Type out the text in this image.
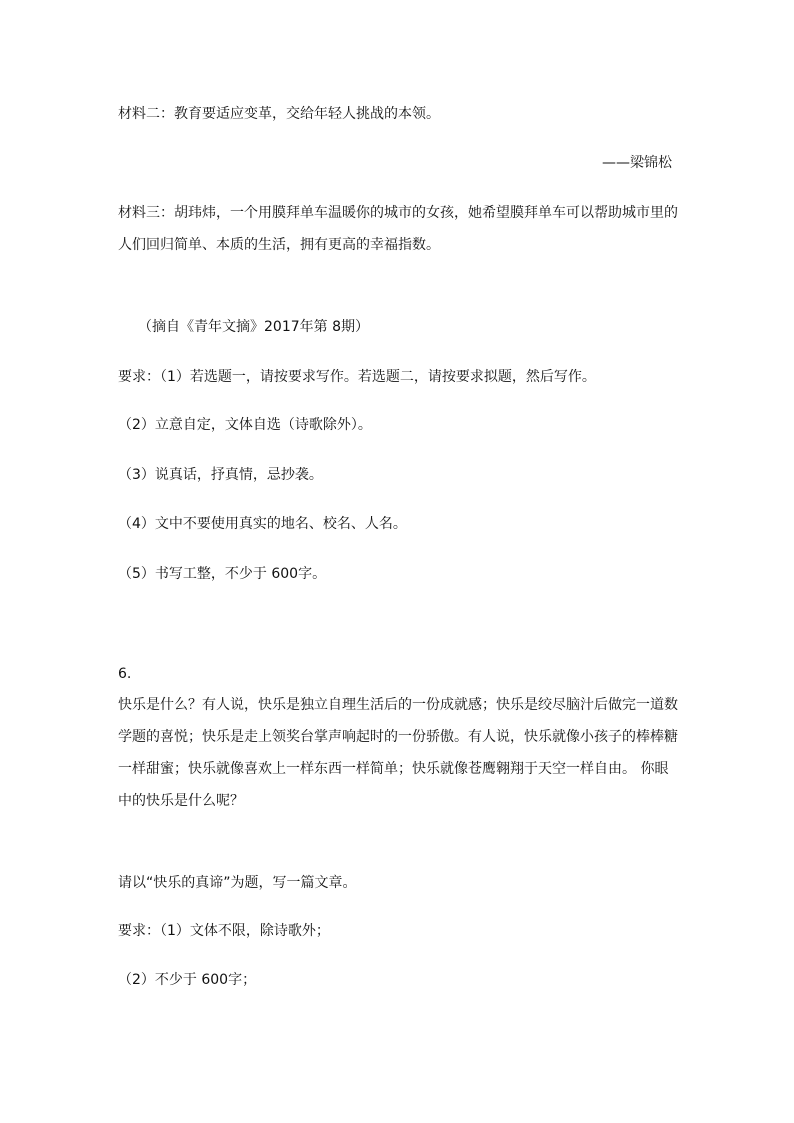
材料二：教育要适应变革，交给年轻人挑战的本领。
——梁锦松
材料三：胡玮炜，一个用膜拜单车温暖你的城市的女孩，她希望膜拜单车可以帮助城市里的
人们回归简单、本质的生活，拥有更高的幸福指数。
（摘自《青年文摘》2017年第 8期）
要求：（1）若选题一，请按要求写作。若选题二，请按要求拟题，然后写作。
（2）立意自定，文体自选（诗歌除外）。
（3）说真话，抒真情，忌抄袭。
（4）文中不要使用真实的地名、校名、人名。
（5）书写工整，不少于 600字。
6.
快乐是什么？有人说，快乐是独立自理生活后的一份成就感；快乐是绞尽脑汁后做完一道数
学题的喜悦；快乐是走上领奖台掌声响起时的一份骄傲。有人说，快乐就像小孩子的棒棒糖
一样甜蜜；快乐就像喜欢上一样东西一样简单；快乐就像苍鹰翱翔于天空一样自由。 你眼
中的快乐是什么呢？
请以“快乐的真谛”为题，写一篇文章。
要求：（1）文体不限，除诗歌外；
（2）不少于 600字；
